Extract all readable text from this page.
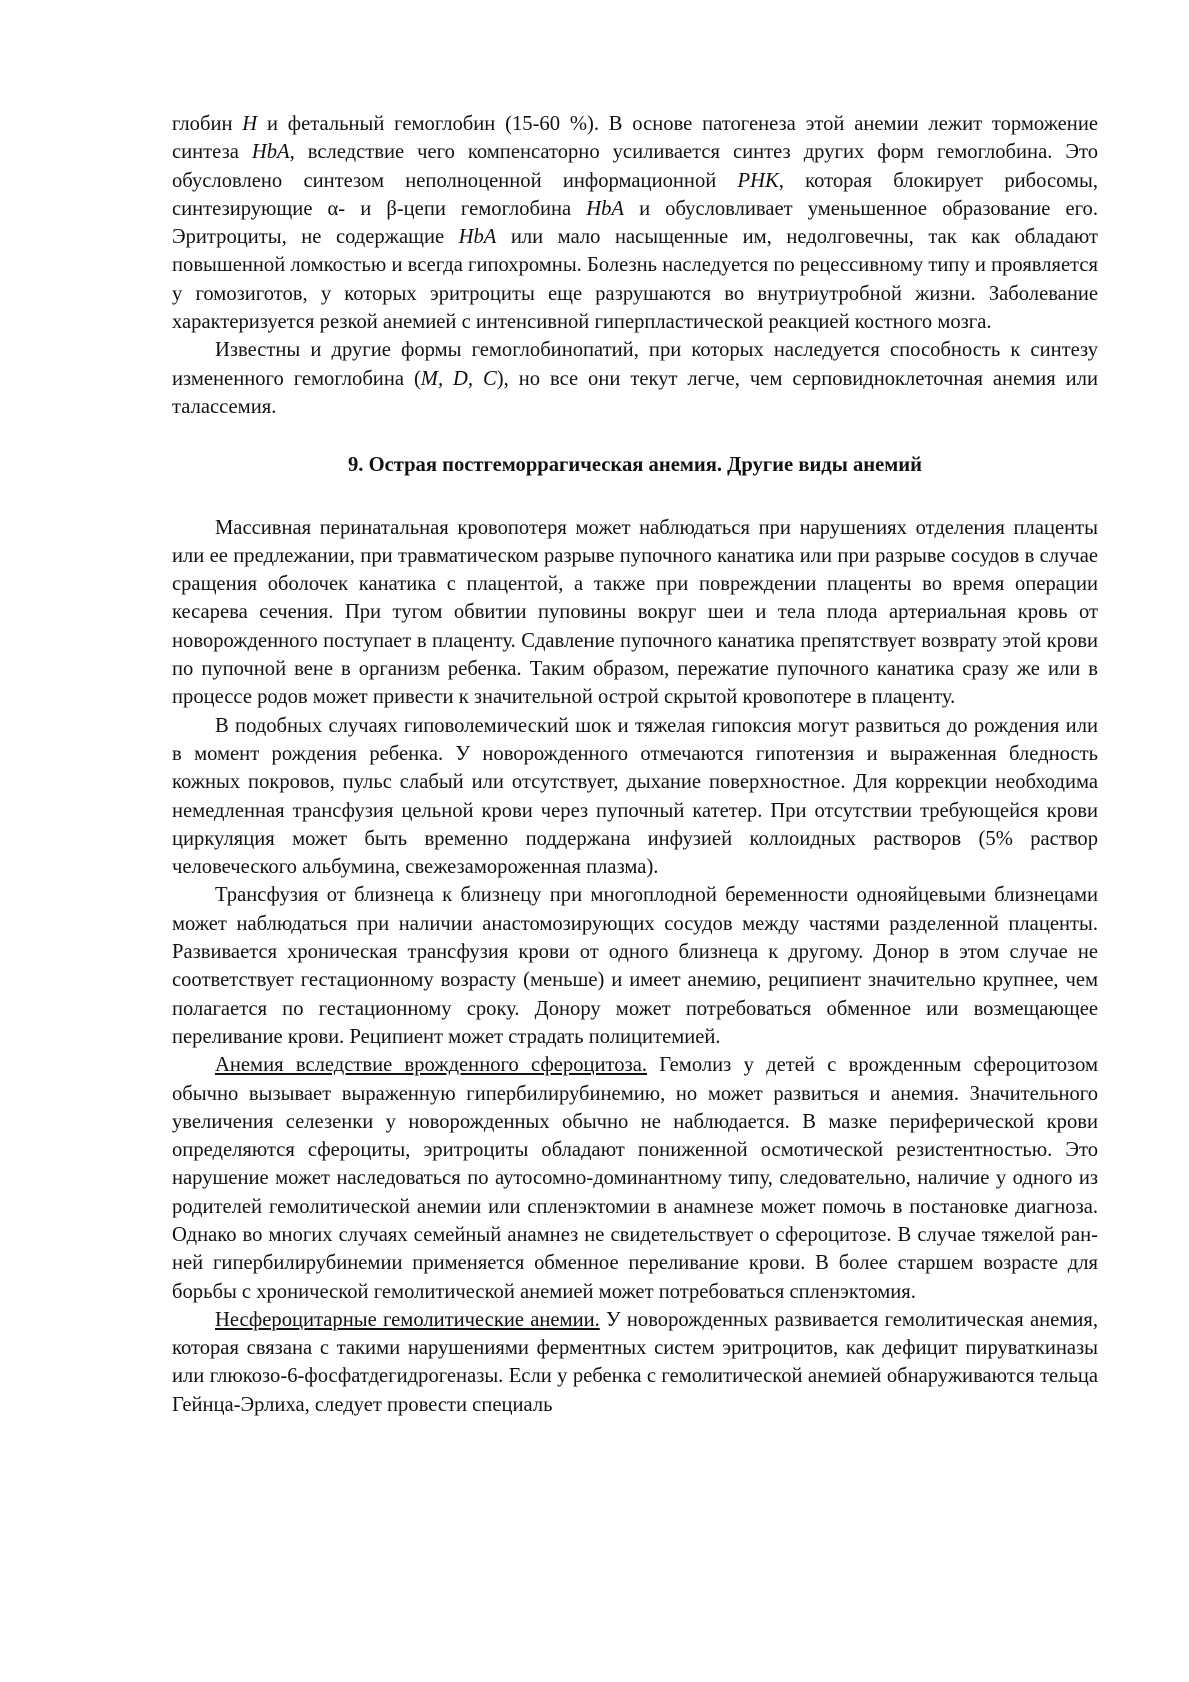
глобин H и фетальный гемоглобин (15-60 %). В основе патогенеза этой анемии лежит торможение синтеза HbA, вследствие чего компенсаторно усиливается синтез других форм гемоглобина. Это обусловлено синтезом неполноценной информационной РНК, которая блокирует рибосомы, синтезирующие α- и β-цепи гемоглобина HbA и обусловливает уменьшенное образование его. Эритроциты, не содержащие HbA или мало насыщенные им, недолговечны, так как обладают повышенной ломкостью и всегда гипохромны. Болезнь наследуется по рецессивному типу и проявляется у гомозиготов, у которых эритроциты еще разрушаются во внутриутробной жизни. Заболевание характеризуется резкой анемией с интенсивной гиперпластической реакцией костного мозга.

Известны и другие формы гемоглобинопатий, при которых наследуется способность к синтезу измененного гемоглобина (M, D, C), но все они текут легче, чем серповидноклеточная анемия или талассемия.

9. Острая постгеморрагическая анемия. Другие виды анемий

Массивная перинатальная кровопотеря может наблюдаться при нарушениях отделения плаценты или ее предлежании, при травматическом разрыве пупочного канатика или при разрыве сосудов в случае сращения оболочек канатика с плацентой, а также при повреждении плаценты во время операции кесарева сечения. При тугом обвитии пуповины вокруг шеи и тела плода артериальная кровь от новорожденного поступает в плаценту. Сдавление пупочного канатика препятствует возврату этой крови по пупочной вене в организм ребенка. Таким образом, пережатие пупочного канатика сразу же или в процессе родов может привести к значительной острой скрытой кровопотере в плаценту.

В подобных случаях гиповолемический шок и тяжелая гипоксия могут развиться до рождения или в момент рождения ребенка. У новорожденного отмечаются гипотензия и выраженная бледность кожных покровов, пульс слабый или отсутствует, дыхание поверхностное. Для коррекции необходима немедленная трансфузия цельной крови через пупочный катетер. При отсутствии требующейся крови циркуляция может быть временно поддержана инфузией коллоидных растворов (5% раствор человеческого альбумина, свежезамороженная плазма).

Трансфузия от близнеца к близнецу при многоплодной беременности однояйцевыми близнецами может наблюдаться при наличии анастомозирующих сосудов между частями разделенной плаценты. Развивается хроническая трансфузия крови от одного близнеца к другому. Донор в этом случае не соответствует гестационному возрасту (меньше) и имеет анемию, реципиент значительно крупнее, чем полагается по гестационному сроку. Донору может потребоваться обменное или возмещающее переливание крови. Реципиент может страдать полицитемией.

Анемия вследствие врожденного сфероцитоза. Гемолиз у детей с врожденным сфероцитозом обычно вызывает выраженную гипербилирубинемию, но может развиться и анемия. Значительного увеличения селезенки у новорожденных обычно не наблюдается. В мазке периферической крови определяются сфероциты, эритроциты обладают пониженной осмотической резистентностью. Это нарушение может наследоваться по аутосомно-доминантному типу, следовательно, наличие у одного из родителей гемолитической анемии или спленэктомии в анамнезе может помочь в постановке диагноза. Однако во многих случаях семейный анамнез не свидетельствует о сфероцитозе. В случае тяжелой ранней гипербилирубинемии применяется обменное переливание крови. В более старшем возрасте для борьбы с хронической гемолитической анемией может потребоваться спленэктомия.

Несфероцитарные гемолитические анемии. У новорожденных развивается гемолитическая анемия, которая связана с такими нарушениями ферментных систем эритроцитов, как дефицит пируваткиназы или глюкозо-6-фосфатдегидрогеназы. Если у ребенка с гемолитической анемией обнаруживаются тельца Гейнца-Эрлиха, следует провести специаль
